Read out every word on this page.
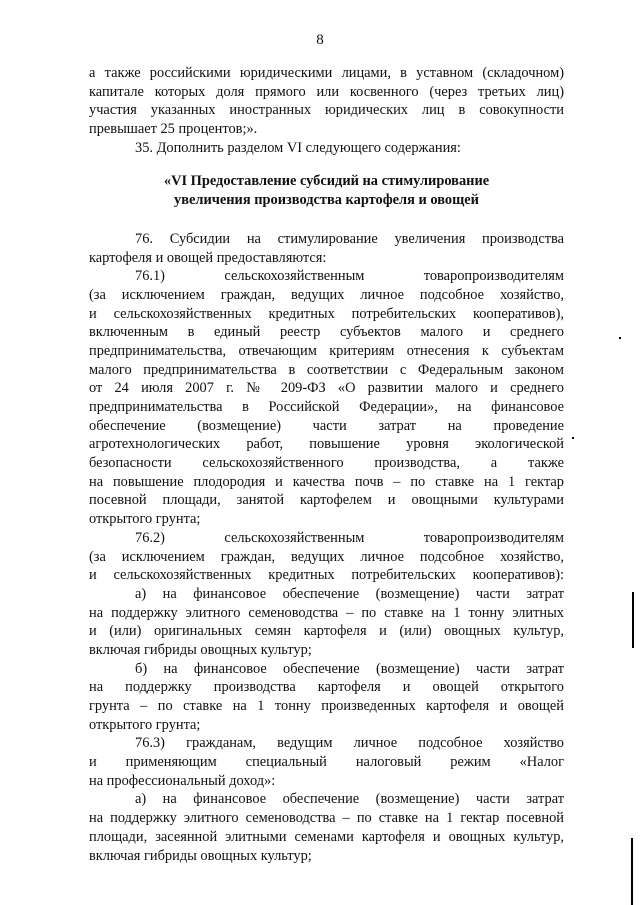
8
а также российскими юридическими лицами, в уставном (складочном)
капитале которых доля прямого или косвенного (через третьих лиц)
участия указанных иностранных юридических лиц в совокупности
превышает 25 процентов;».
35. Дополнить разделом VI следующего содержания:
«VI Предоставление субсидий на стимулирование
увеличения производства картофеля и овощей
76. Субсидии на стимулирование увеличения производства
картофеля и овощей предоставляются:
76.1) сельскохозяйственным товаропроизводителям
(за исключением граждан, ведущих личное подсобное хозяйство,
и сельскохозяйственных кредитных потребительских кооперативов),
включенным в единый реестр субъектов малого и среднего
предпринимательства, отвечающим критериям отнесения к субъектам
малого предпринимательства в соответствии с Федеральным законом
от 24 июля 2007 г. № 209-ФЗ «О развитии малого и среднего
предпринимательства в Российской Федерации», на финансовое
обеспечение (возмещение) части затрат на проведение
агротехнологических работ, повышение уровня экологической
безопасности сельскохозяйственного производства, а также
на повышение плодородия и качества почв – по ставке на 1 гектар
посевной площади, занятой картофелем и овощными культурами
открытого грунта;
76.2) сельскохозяйственным товаропроизводителям
(за исключением граждан, ведущих личное подсобное хозяйство,
и сельскохозяйственных кредитных потребительских кооперативов):
а) на финансовое обеспечение (возмещение) части затрат
на поддержку элитного семеноводства – по ставке на 1 тонну элитных
и (или) оригинальных семян картофеля и (или) овощных культур,
включая гибриды овощных культур;
б) на финансовое обеспечение (возмещение) части затрат
на поддержку производства картофеля и овощей открытого
грунта – по ставке на 1 тонну произведенных картофеля и овощей
открытого грунта;
76.3) гражданам, ведущим личное подсобное хозяйство
и применяющим специальный налоговый режим «Налог
на профессиональный доход»:
а) на финансовое обеспечение (возмещение) части затрат
на поддержку элитного семеноводства – по ставке на 1 гектар посевной
площади, засеянной элитными семенами картофеля и овощных культур,
включая гибриды овощных культур;
